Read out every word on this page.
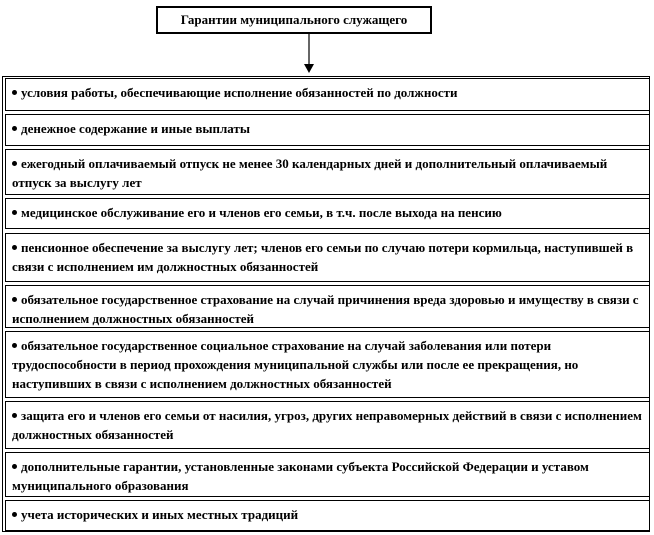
Гарантии муниципального служащего
условия работы, обеспечивающие исполнение обязанностей по должности
денежное содержание и иные выплаты
ежегодный оплачиваемый отпуск не менее 30 календарных дней и дополнительный оплачиваемый отпуск за выслугу лет
медицинское обслуживание его и членов его семьи, в т.ч. после выхода на пенсию
пенсионное обеспечение за выслугу лет; членов его семьи по случаю потери кормильца, наступившей в связи с исполнением им должностных обязанностей
обязательное государственное страхование на случай причинения вреда здоровью и имуществу в связи с исполнением должностных обязанностей
обязательное государственное социальное страхование на случай заболевания или потери трудоспособности в период прохождения муниципальной службы или после ее прекращения, но наступивших в связи с исполнением должностных обязанностей
защита его и членов его семьи от насилия, угроз, других неправомерных действий в связи с исполнением должностных обязанностей
дополнительные гарантии, установленные законами субъекта Российской Федерации и уставом муниципального образования
учета исторических и иных местных традиций
